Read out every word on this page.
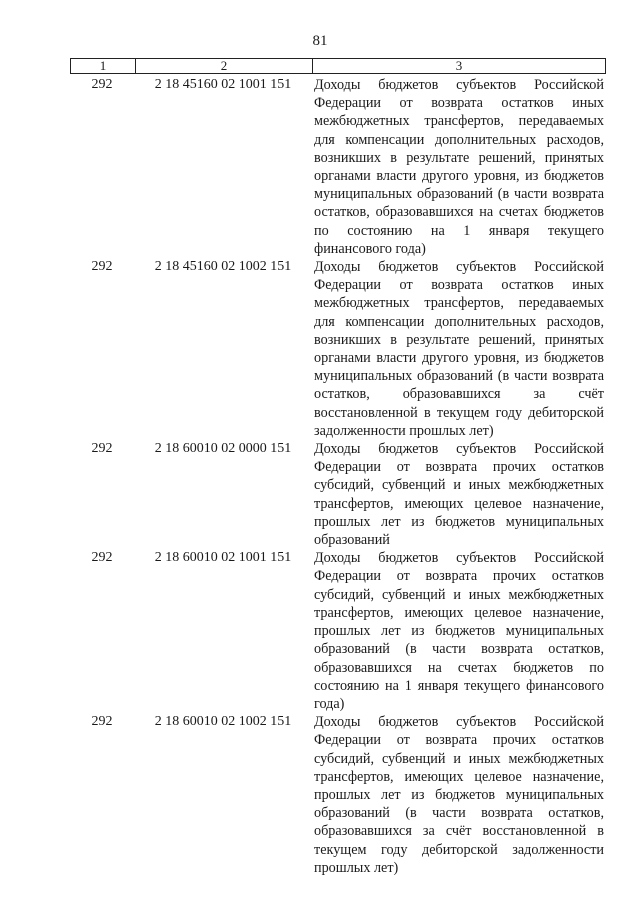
81
1	2	3
292	2 18 45160 02 1001 151	Доходы бюджетов субъектов Российской Федерации от возврата остатков иных межбюджетных трансфертов, передаваемых для компенсации дополнительных расходов, возникших в результате решений, принятых органами власти другого уровня, из бюджетов муниципальных образований (в части возврата остатков, образовавшихся на счетах бюджетов по состоянию на 1 января текущего финансового года)
292	2 18 45160 02 1002 151	Доходы бюджетов субъектов Российской Федерации от возврата остатков иных межбюджетных трансфертов, передаваемых для компенсации дополнительных расходов, возникших в результате решений, принятых органами власти другого уровня, из бюджетов муниципальных образований (в части возврата остатков, образовавшихся за счёт восстановленной в текущем году дебиторской задолженности прошлых лет)
292	2 18 60010 02 0000 151	Доходы бюджетов субъектов Российской Федерации от возврата прочих остатков субсидий, субвенций и иных межбюджетных трансфертов, имеющих целевое назначение, прошлых лет из бюджетов муниципальных образований
292	2 18 60010 02 1001 151	Доходы бюджетов субъектов Российской Федерации от возврата прочих остатков субсидий, субвенций и иных межбюджетных трансфертов, имеющих целевое назначение, прошлых лет из бюджетов муниципальных образований (в части возврата остатков, образовавшихся на счетах бюджетов по состоянию на 1 января текущего финансового года)
292	2 18 60010 02 1002 151	Доходы бюджетов субъектов Российской Федерации от возврата прочих остатков субсидий, субвенций и иных межбюджетных трансфертов, имеющих целевое назначение, прошлых лет из бюджетов муниципальных образований (в части возврата остатков, образовавшихся за счёт восстановленной в текущем году дебиторской задолженности прошлых лет)
